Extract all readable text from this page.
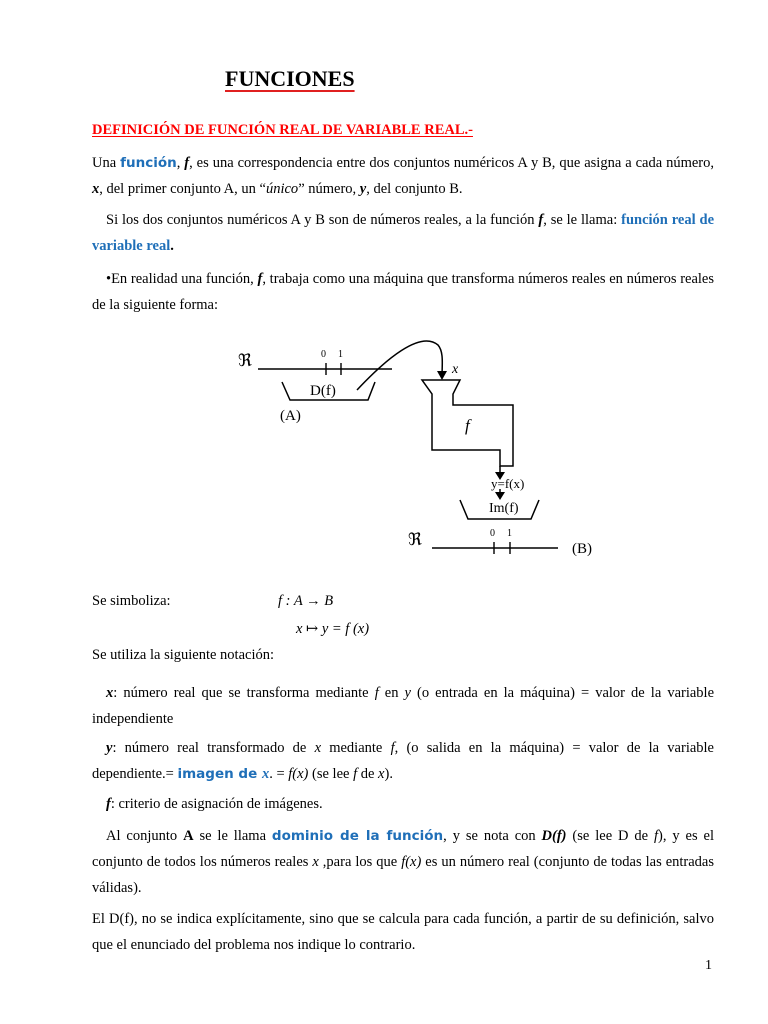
FUNCIONES
DEFINICIÓN DE FUNCIÓN REAL DE VARIABLE REAL.-
Una función, f, es una correspondencia entre dos conjuntos numéricos A y B, que asigna a cada número, x, del primer conjunto A, un “único” número, y, del conjunto B.
Si los dos conjuntos numéricos A y B son de números reales, a la función f, se le llama: función real de variable real.
•En realidad una función, f, trabaja como una máquina que transforma números reales en números reales de la siguiente forma:
ℜ	0 1
D(f)
(A)
x
f
y=f(x)
Im(f)
ℜ	0 1
(B)
Se simboliza:	f : A → B
x ↦ y = f (x)
Se utiliza la siguiente notación:
x: número real que se transforma mediante f en y (o entrada en la máquina) = valor de la variable independiente
y: número real transformado de x mediante f, (o salida en la máquina) = valor de la variable dependiente.= imagen de x. = f(x) (se lee f de x).
f: criterio de asignación de imágenes.
Al conjunto A se le llama dominio de la función, y se nota con D(f) (se lee D de f), y es el conjunto de todos los números reales x ,para los que f(x) es un número real (conjunto de todas las entradas válidas).
El D(f), no se indica explícitamente, sino que se calcula para cada función, a partir de su definición, salvo que el enunciado del problema nos indique lo contrario.
1
